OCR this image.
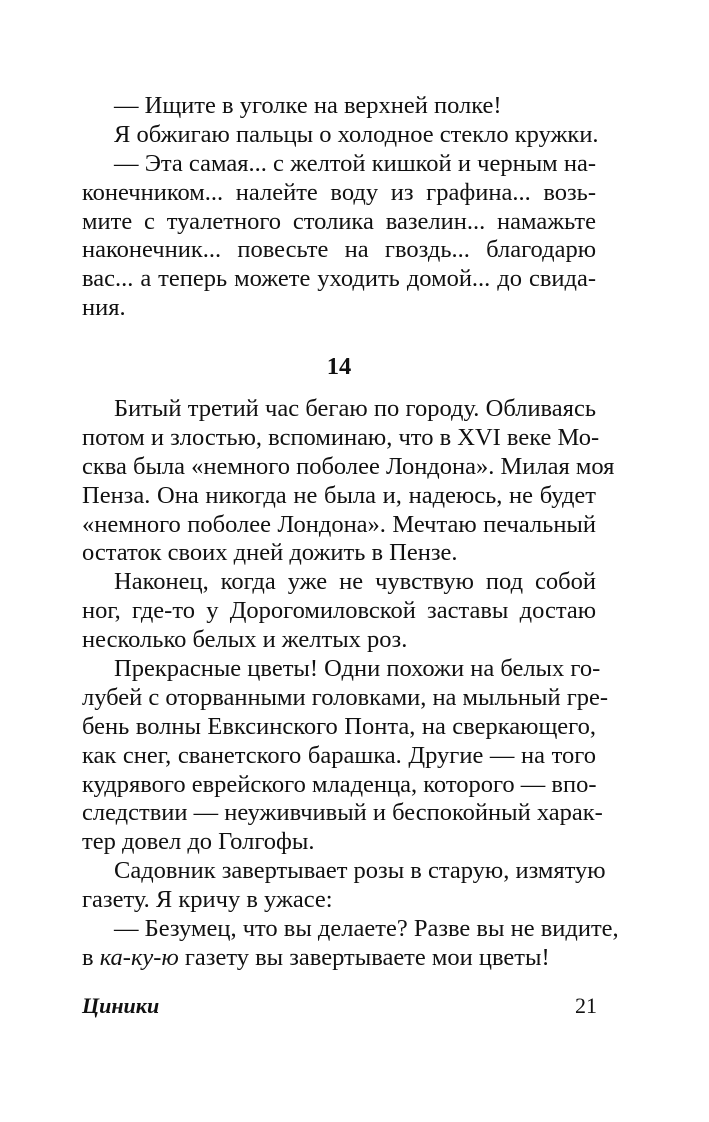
— Ищите в уголке на верхней полке!
Я обжигаю пальцы о холодное стекло кружки.
— Эта самая... с желтой кишкой и черным на-
конечником... налейте воду из графина... возь-
мите с туалетного столика вазелин... намажьте
наконечник... повесьте на гвоздь... благодарю
вас... а теперь можете уходить домой... до свида-
ния.
14
Битый третий час бегаю по городу. Обливаясь
потом и злостью, вспоминаю, что в XVI веке Мо-
сква была «немного поболее Лондона». Милая моя
Пенза. Она никогда не была и, надеюсь, не будет
«немного поболее Лондона». Мечтаю печальный
остаток своих дней дожить в Пензе.
Наконец, когда уже не чувствую под собой
ног, где-то у Дорогомиловской заставы достаю
несколько белых и желтых роз.
Прекрасные цветы! Одни похожи на белых го-
лубей с оторванными головками, на мыльный гре-
бень волны Евксинского Понта, на сверкающего,
как снег, сванетского барашка. Другие — на того
кудрявого еврейского младенца, которого — впо-
следствии — неуживчивый и беспокойный харак-
тер довел до Голгофы.
Садовник завертывает розы в старую, измятую
газету. Я кричу в ужасе:
— Безумец, что вы делаете? Разве вы не видите,
в ка-ку-ю газету вы завертываете мои цветы!
Циники	21
